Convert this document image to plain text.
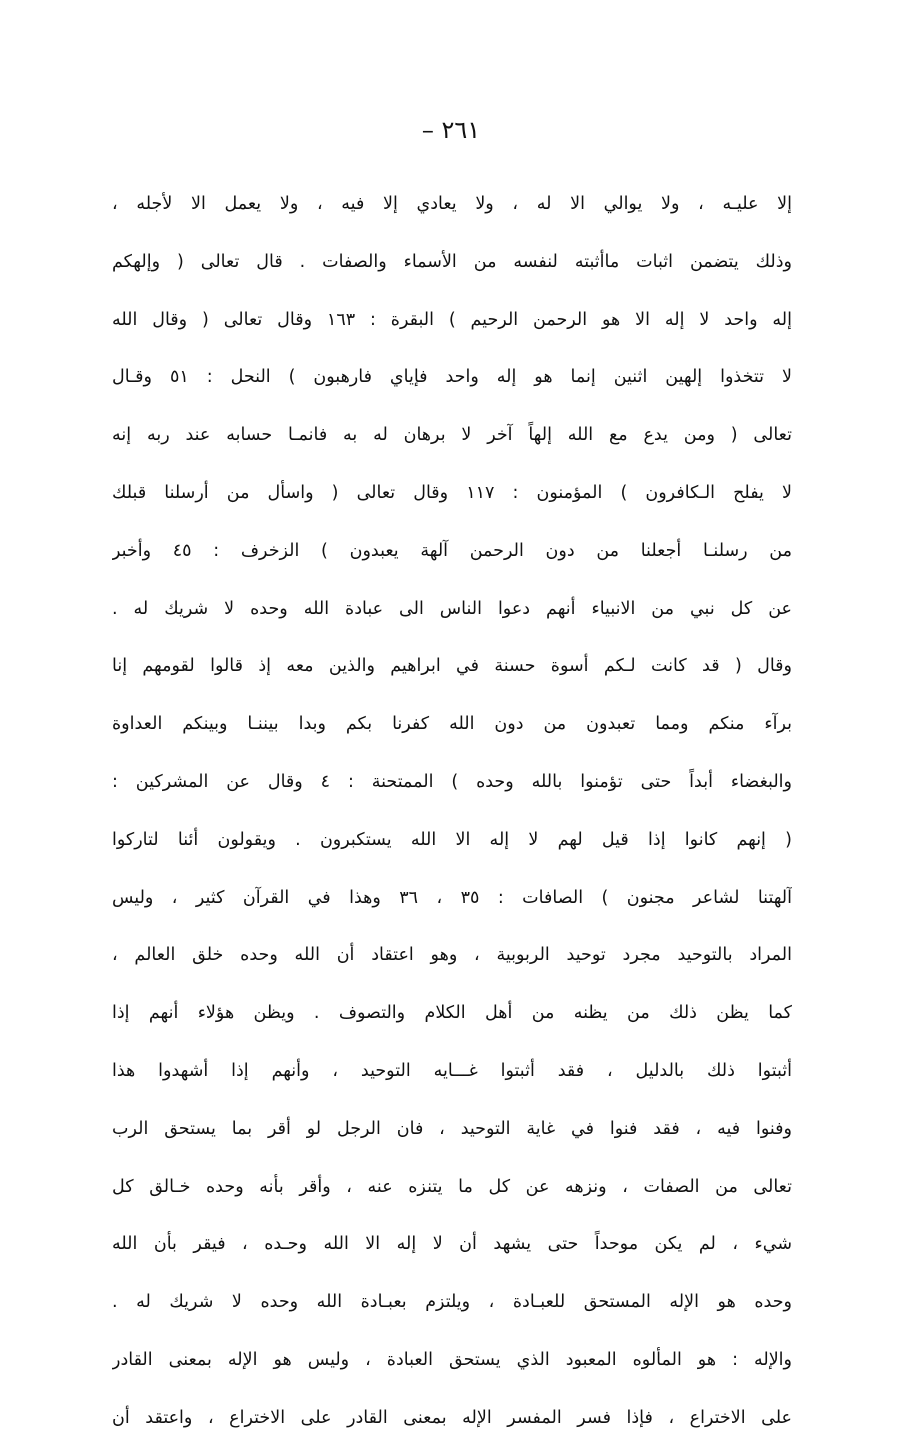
٢٦١ –
إلا عليـه ، ولا يوالي الا له ، ولا يعادي إلا فيه ، ولا يعمل الا لأجله ،
وذلك يتضمن اثبات ماأثبته لنفسه من الأسماء والصفات . قال تعالى ( وإلهكم
إله واحد لا إله الا هو الرحمن الرحيم ) البقرة : ١٦٣ وقال تعالى ( وقال الله
لا تتخذوا إلهين اثنين إنما هو إله واحد فإياي فارهبون ) النحل : ٥١ وقـال
تعالى ( ومن يدع مع الله إلهاً آخر لا برهان له به فانمـا حسابه عند ربه إنه
لا يفلح الـكافرون ) المؤمنون : ١١٧ وقال تعالى ( واسأل من أرسلنا قبلك
من رسلنـا أجعلنا من دون الرحمن آلهة يعبدون ) الزخرف : ٤٥ وأخبر
عن كل نبي من الانبياء أنهم دعوا الناس الى عبادة الله وحده لا شريك له .
وقال ( قد كانت لـكم أسوة حسنة في ابراهيم والذين معه إذ قالوا لقومهم إنا
برآء منكم ومما تعبدون من دون الله كفرنا بكم وبدا بيننـا وبينكم العداوة
والبغضاء أبداً حتى تؤمنوا بالله وحده ) الممتحنة : ٤ وقال عن المشركين :
( إنهم كانوا إذا قيل لهم لا إله الا الله يستكبرون . ويقولون أئنا لتاركوا
آلهتنا لشاعر مجنون ) الصافات : ٣٥ ، ٣٦ وهذا في القرآن كثير ، وليس
المراد بالتوحيد مجرد توحيد الربوبية ، وهو اعتقاد أن الله وحده خلق العالم ،
كما يظن ذلك من يظنه من أهل الكلام والتصوف . ويظن هؤلاء أنهم إذا
أثبتوا ذلك بالدليل ، فقد أثبتوا غـــايه التوحيد ، وأنهم إذا أشهدوا هذا
وفنوا فيه ، فقد فنوا في غاية التوحيد ، فان الرجل لو أقر بما يستحق الرب
تعالى من الصفات ، ونزهه عن كل ما يتنزه عنه ، وأقر بأنه وحده خـالق كل
شيء ، لم يكن موحداً حتى يشهد أن لا إله الا الله وحـده ، فيقر بأن الله
وحده هو الإله المستحق للعبـادة ، ويلتزم بعبـادة الله وحده لا شريك له .
والإله : هو المألوه المعبود الذي يستحق العبادة ، وليس هو الإله بمعنى القادر
على الاختراع ، فإذا فسر المفسر الإله بمعنى القادر على الاختراع ، واعتقد أن
